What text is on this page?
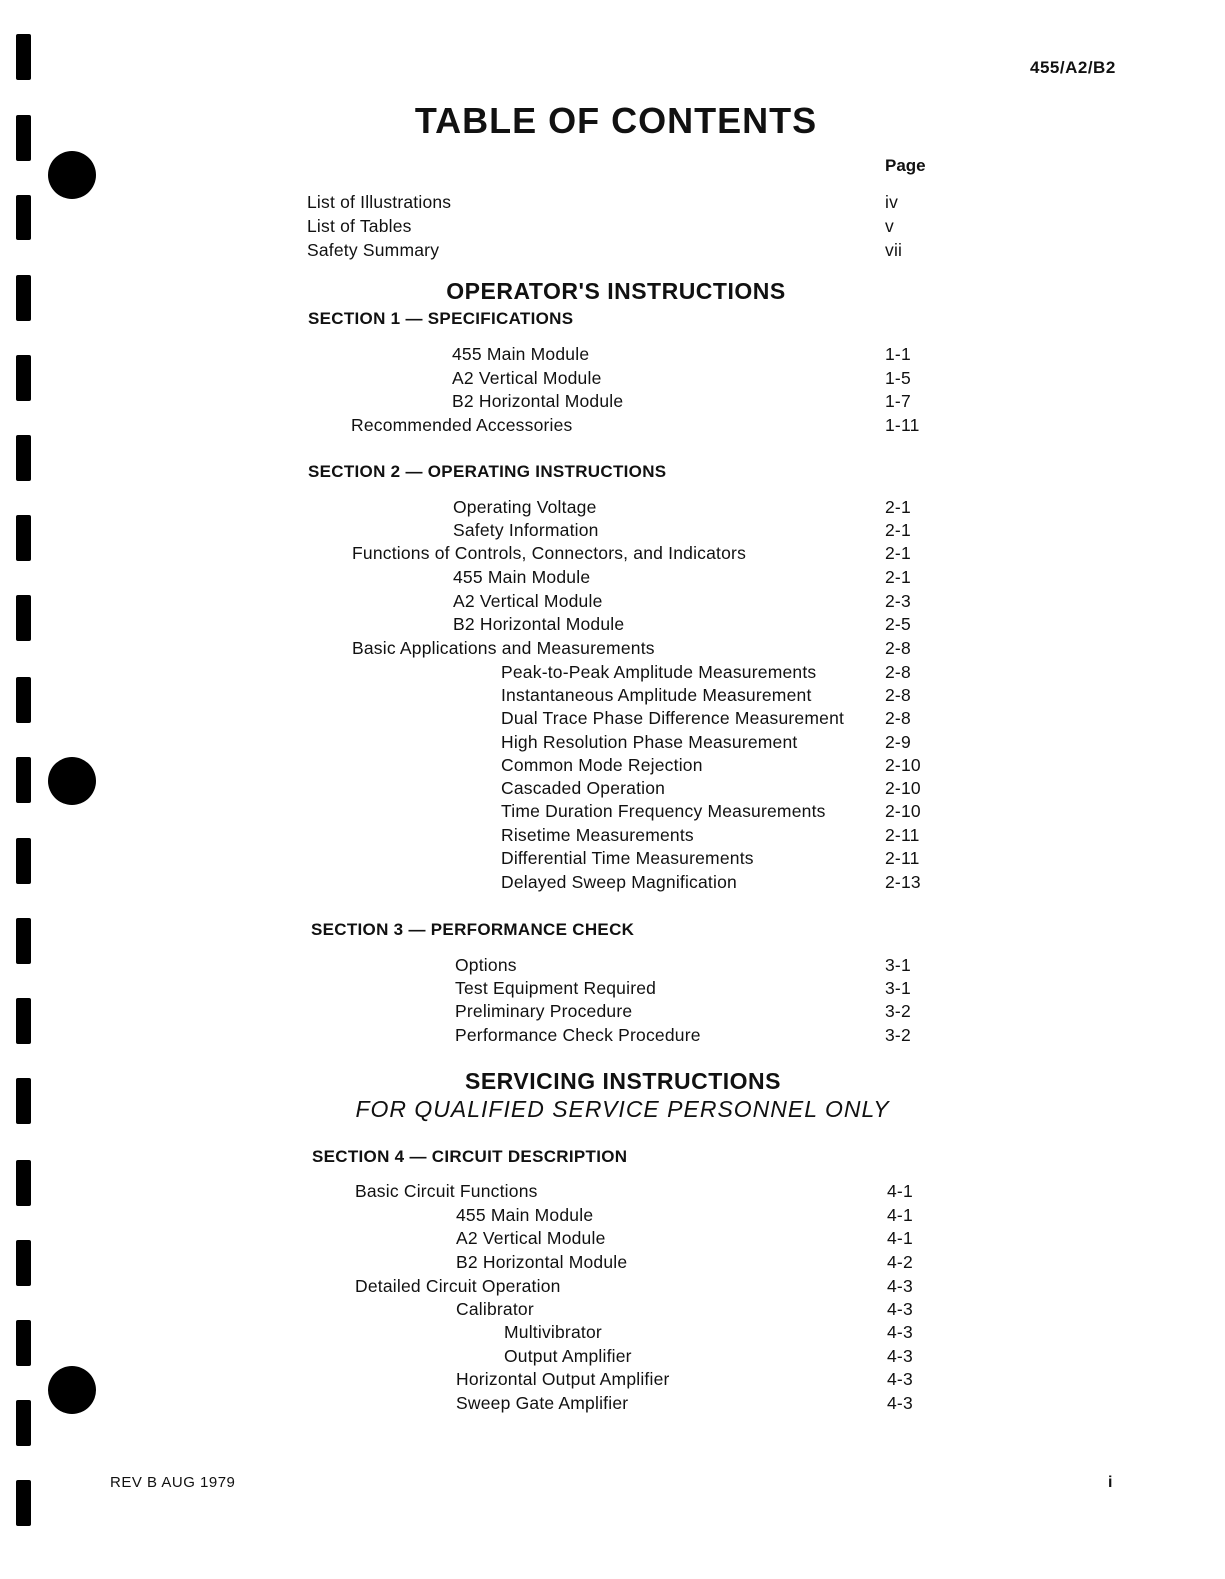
455/A2/B2
TABLE OF CONTENTS
Page
List of Illustrations	iv
List of Tables	v
Safety Summary	vii
OPERATOR'S INSTRUCTIONS
SECTION 1 — SPECIFICATIONS
455 Main Module	1-1
A2 Vertical Module	1-5
B2 Horizontal Module	1-7
Recommended Accessories	1-11
SECTION 2 — OPERATING INSTRUCTIONS
Operating Voltage	2-1
Safety Information	2-1
Functions of Controls, Connectors, and Indicators	2-1
455 Main Module	2-1
A2 Vertical Module	2-3
B2 Horizontal Module	2-5
Basic Applications and Measurements	2-8
Peak-to-Peak Amplitude Measurements	2-8
Instantaneous Amplitude Measurement	2-8
Dual Trace Phase Difference Measurement 2-8
High Resolution Phase Measurement	2-9
Common Mode Rejection	2-10
Cascaded Operation	2-10
Time Duration Frequency Measurements	2-10
Risetime Measurements	2-11
Differential Time Measurements	2-11
Delayed Sweep Magnification	2-13
SECTION 3 — PERFORMANCE CHECK
Options	3-1
Test Equipment Required	3-1
Preliminary Procedure	3-2
Performance Check Procedure	3-2
SERVICING INSTRUCTIONS
FOR QUALIFIED SERVICE PERSONNEL ONLY
SECTION 4 — CIRCUIT DESCRIPTION
Basic Circuit Functions	4-1
455 Main Module	4-1
A2 Vertical Module	4-1
B2 Horizontal Module	4-2
Detailed Circuit Operation	4-3
Calibrator	4-3
Multivibrator	4-3
Output Amplifier	4-3
Horizontal Output Amplifier	4-3
Sweep Gate Amplifier	4-3
REV B AUG 1979	i
